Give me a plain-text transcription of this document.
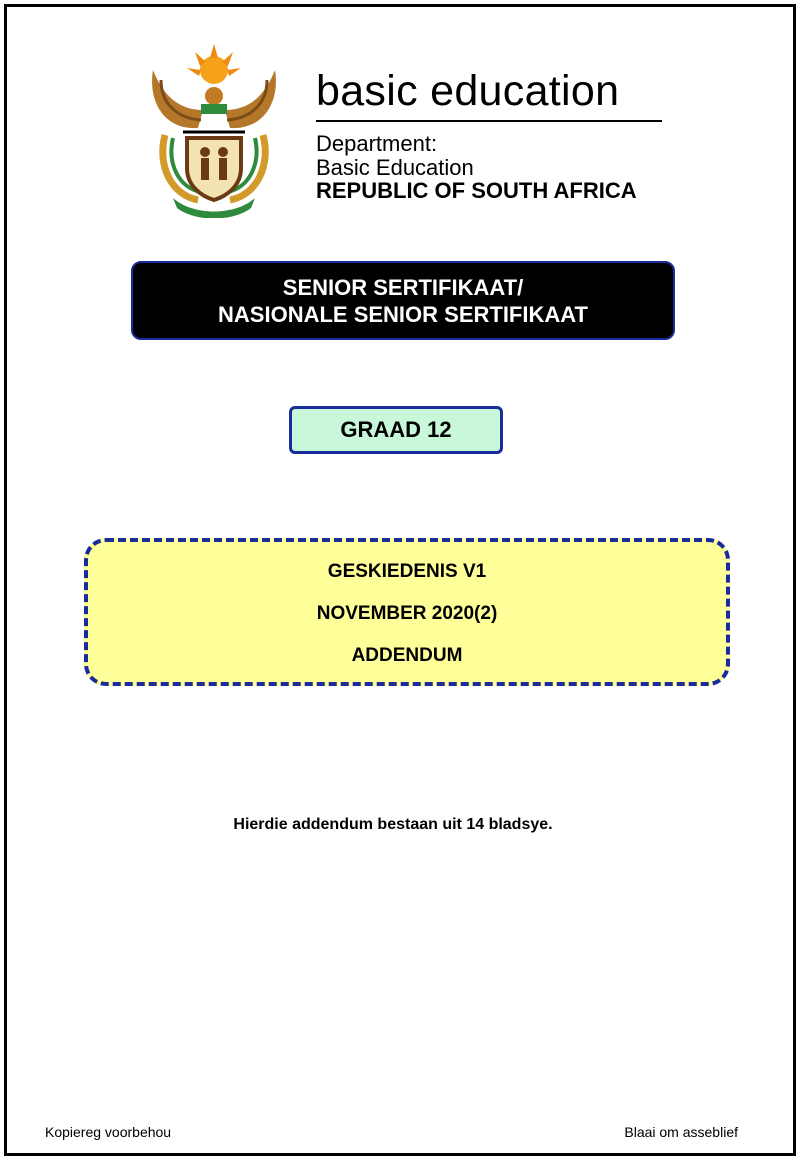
basic education
Department:
Basic Education
REPUBLIC OF SOUTH AFRICA
SENIOR SERTIFIKAAT/
NASIONALE SENIOR SERTIFIKAAT
GRAAD 12
GESKIEDENIS V1
NOVEMBER 2020(2)
ADDENDUM
Hierdie addendum bestaan uit 14 bladsye.
Kopiereg voorbehou	Blaai om asseblief
